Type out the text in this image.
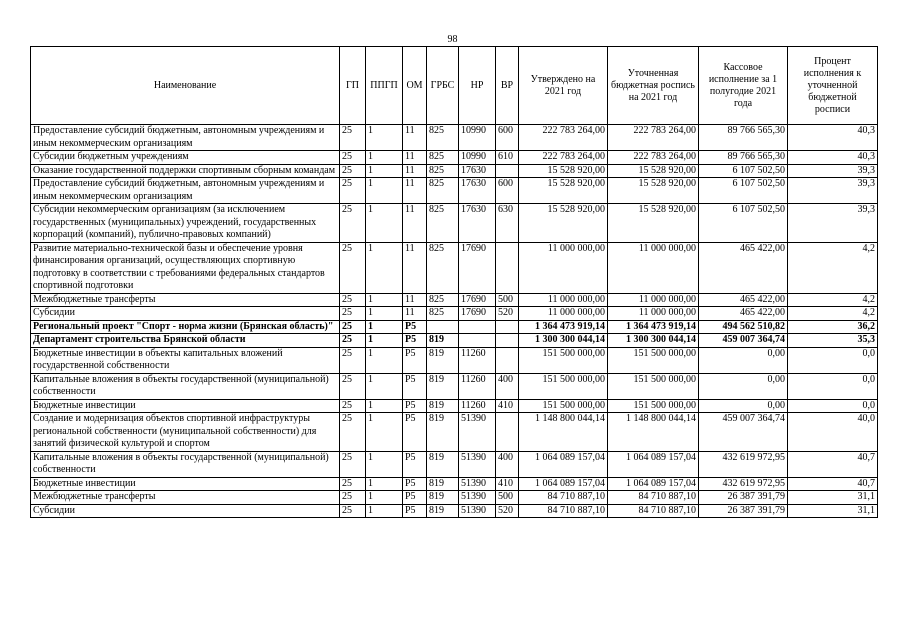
98
Наименование	ГП	ППГП	ОМ	ГРБС	НР	ВР	Утверждено на 2021 год	Уточненная бюджетная роспись на 2021 год	Кассовое исполнение за 1 полугодие 2021 года	Процент исполнения к уточненной бюджетной росписи
Предоставление субсидий бюджетным, автономным учреждениям и иным некоммерческим организациям	25	1	11	825	10990	600	222 783 264,00	222 783 264,00	89 766 565,30	40,3
Субсидии бюджетным учреждениям	25	1	11	825	10990	610	222 783 264,00	222 783 264,00	89 766 565,30	40,3
Оказание государственной поддержки спортивным сборным командам	25	1	11	825	17630		15 528 920,00	15 528 920,00	6 107 502,50	39,3
Предоставление субсидий бюджетным, автономным учреждениям и иным некоммерческим организациям	25	1	11	825	17630	600	15 528 920,00	15 528 920,00	6 107 502,50	39,3
Субсидии некоммерческим организациям (за исключением государственных (муниципальных) учреждений, государственных корпораций (компаний), публично-правовых компаний)	25	1	11	825	17630	630	15 528 920,00	15 528 920,00	6 107 502,50	39,3
Развитие материально-технической базы и обеспечение уровня финансирования организаций, осуществляющих спортивную подготовку в соответствии с требованиями федеральных стандартов спортивной подготовки	25	1	11	825	17690		11 000 000,00	11 000 000,00	465 422,00	4,2
Межбюджетные трансферты	25	1	11	825	17690	500	11 000 000,00	11 000 000,00	465 422,00	4,2
Субсидии	25	1	11	825	17690	520	11 000 000,00	11 000 000,00	465 422,00	4,2
Региональный проект "Спорт - норма жизни (Брянская область)"	25	1	P5				1 364 473 919,14	1 364 473 919,14	494 562 510,82	36,2
Департамент строительства Брянской области	25	1	P5	819			1 300 300 044,14	1 300 300 044,14	459 007 364,74	35,3
Бюджетные инвестиции в объекты капитальных вложений государственной собственности	25	1	P5	819	11260		151 500 000,00	151 500 000,00	0,00	0,0
Капитальные вложения в объекты государственной (муниципальной) собственности	25	1	P5	819	11260	400	151 500 000,00	151 500 000,00	0,00	0,0
Бюджетные инвестиции	25	1	P5	819	11260	410	151 500 000,00	151 500 000,00	0,00	0,0
Создание и модернизация объектов спортивной инфраструктуры региональной собственности (муниципальной собственности) для занятий физической культурой и спортом	25	1	P5	819	51390		1 148 800 044,14	1 148 800 044,14	459 007 364,74	40,0
Капитальные вложения в объекты государственной (муниципальной) собственности	25	1	P5	819	51390	400	1 064 089 157,04	1 064 089 157,04	432 619 972,95	40,7
Бюджетные инвестиции	25	1	P5	819	51390	410	1 064 089 157,04	1 064 089 157,04	432 619 972,95	40,7
Межбюджетные трансферты	25	1	P5	819	51390	500	84 710 887,10	84 710 887,10	26 387 391,79	31,1
Субсидии	25	1	P5	819	51390	520	84 710 887,10	84 710 887,10	26 387 391,79	31,1
